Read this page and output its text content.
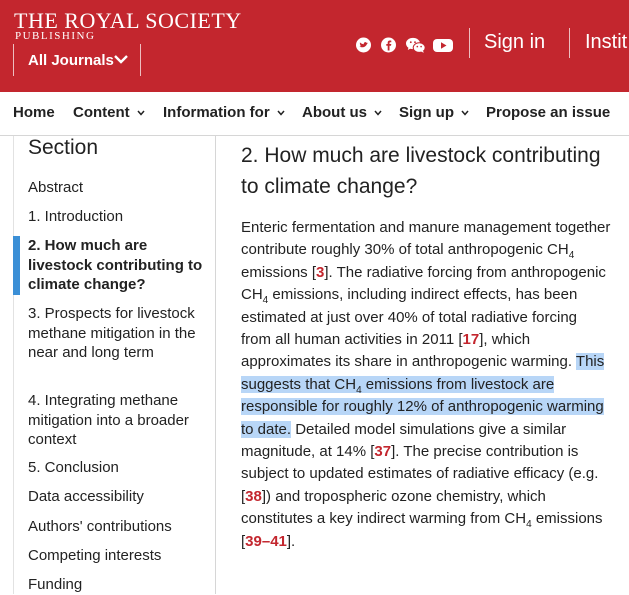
THE ROYAL SOCIETY
PUBLISHING
All Journals
Sign in Instit
Home Content	Information for	About us	Sign up	Propose an issue
Section
Abstract
1. Introduction
2. How much are livestock contributing to climate change?
3. Prospects for livestock methane mitigation in the near and long term
4. Integrating methane mitigation into a broader context
5. Conclusion
Data accessibility
Authors' contributions
Competing interests
Funding
2. How much are livestock contributing to climate change?

Enteric fermentation and manure management together contribute roughly 30% of total anthropogenic $CH_4$ emissions [3]. The radiative forcing from anthropogenic $CH_4$ emissions, including indirect effects, has been estimated at just over 40% of total radiative forcing from all human activities in 2011 [17], which approximates its share in anthropogenic warming. This suggests that $CH_4$ emissions from livestock are responsible for roughly 12% of anthropogenic warming to date. Detailed model simulations give a similar magnitude, at 14% [37]. The precise contribution is subject to updated estimates of radiative efficacy (e.g. [38]) and tropospheric ozone chemistry, which constitutes a key indirect warming from $CH_4$ emissions [39–41].
